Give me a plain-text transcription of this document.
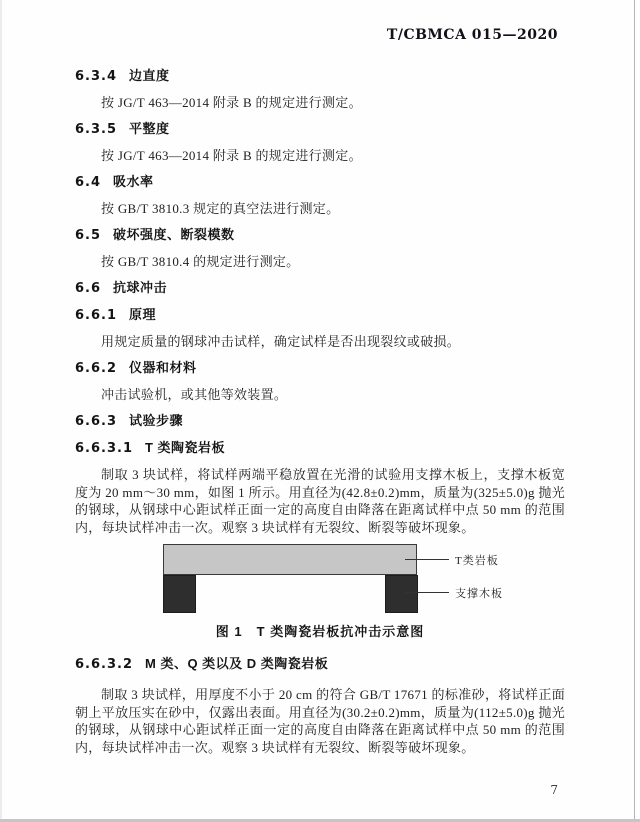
T/CBMCA 015—2020
6.3.4 边直度

按 JG/T 463—2014 附录 B 的规定进行测定。

6.3.5 平整度

按 JG/T 463—2014 附录 B 的规定进行测定。

6.4 吸水率

按 GB/T 3810.3 规定的真空法进行测定。

6.5 破坏强度、断裂模数

按 GB/T 3810.4 的规定进行测定。

6.6 抗球冲击
6.6.1 原理

用规定质量的钢球冲击试样，确定试样是否出现裂纹或破损。

6.6.2 仪器和材料

冲击试验机，或其他等效装置。

6.6.3 试验步骤
6.6.3.1 T 类陶瓷岩板

制取 3 块试样，将试样两端平稳放置在光滑的试验用支撑木板上，支撑木板宽度为 20 mm～30 mm，如图 1 所示。用直径为(42.8±0.2)mm，质量为(325±5.0)g 抛光的钢球，从钢球中心距试样正面一定的高度自由降落在距离试样中点 50 mm 的范围内，每块试样冲击一次。观察 3 块试样有无裂纹、断裂等破坏现象。

T类岩板
支撑木板
图 1　T 类陶瓷岩板抗冲击示意图
6.6.3.2 M 类、Q 类以及 D 类陶瓷岩板

制取 3 块试样，用厚度不小于 20 cm 的符合 GB/T 17671 的标准砂，将试样正面朝上平放压实在砂中，仅露出表面。用直径为(30.2±0.2)mm，质量为(112±5.0)g 抛光的钢球，从钢球中心距试样正面一定的高度自由降落在距离试样中点 50 mm 的范围内，每块试样冲击一次。观察 3 块试样有无裂纹、断裂等破坏现象。

7
